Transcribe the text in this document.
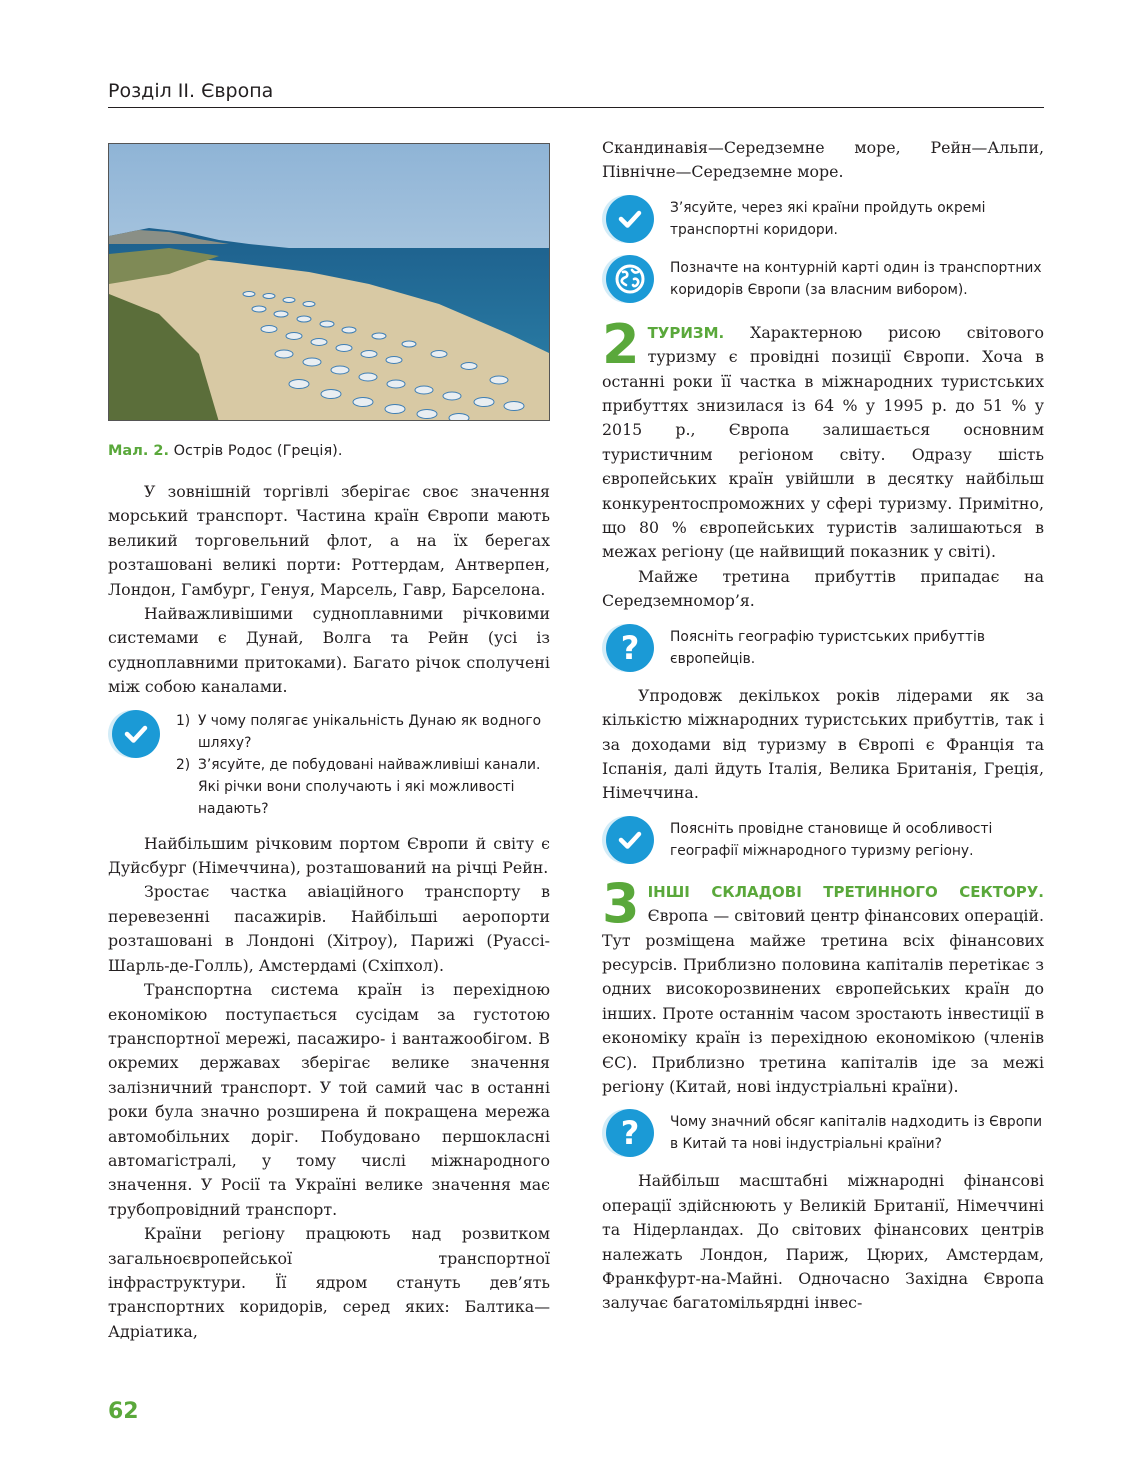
Розділ ІІ. Європа
Мал. 2. Острів Родос (Греція).

У зовнішній торгівлі зберігає своє значення морський транспорт. Частина країн Європи мають великий торговельний флот, а на їх берегах розташовані великі порти: Роттердам, Антверпен, Лондон, Гамбург, Генуя, Марсель, Гавр, Барселона.

Найважливішими судноплавними річковими системами є Дунай, Волга та Рейн (усі із судноплавними притоками). Багато річок сполучені між собою каналами.

1) У чому полягає унікальність Дунаю як водного шляху?
2) З’ясуйте, де побудовані найважливіші канали. Які річки вони сполучають і які можливості надають?

Найбільшим річковим портом Європи й світу є Дуйсбург (Німеччина), розташований на річці Рейн.

Зростає частка авіаційного транспорту в перевезенні пасажирів. Найбільші аеропорти розташовані в Лондоні (Хітроу), Парижі (Руассі-Шарль-де-Голль), Амстердамі (Схіпхол).

Транспортна система країн із перехідною економікою поступається сусідам за густотою транспортної мережі, пасажиро- і вантажообігом. В окремих державах зберігає велике значення залізничний транспорт. У той самий час в останні роки була значно розширена й покращена мережа автомобільних доріг. Побудовано першокласні автомагістралі, у тому числі міжнародного значення. У Росії та Україні велике значення має трубопровідний транспорт.

Країни регіону працюють над розвитком загальноєвропейської транспортної інфраструктури. Її ядром стануть дев’ять транспортних коридорів, серед яких: Балтика—Адріатика,

Скандинавія—Середземне море, Рейн—Альпи, Північне—Середземне море.

З’ясуйте, через які країни пройдуть окремі транспортні коридори.
Позначте на контурній карті один із транспортних коридорів Європи (за власним вибором).
2 ТУРИЗМ. Характерною рисою світового туризму є провідні позиції Європи. Хоча в останні роки її частка в міжнародних туристських прибуттях знизилася із 64 % у 1995 р. до 51 % у 2015 р., Європа залишається основним туристичним регіоном світу. Одразу шість європейських країн увійшли в десятку найбільш конкурентоспроможних у сфері туризму. Примітно, що 80 % європейських туристів залишаються в межах регіону (це найвищий показник у світі).

Майже третина прибуттів припадає на Середземномор’я.

? Поясніть географію туристських прибуттів європейців.

Упродовж декількох років лідерами як за кількістю міжнародних туристських прибуттів, так і за доходами від туризму в Європі є Франція та Іспанія, далі йдуть Італія, Велика Британія, Греція, Німеччина.

Поясніть провідне становище й особливості географії міжнародного туризму регіону.
3 ІНШІ СКЛАДОВІ ТРЕТИННОГО СЕКТОРУ. Європа — світовий центр фінансових операцій. Тут розміщена майже третина всіх фінансових ресурсів. Приблизно половина капіталів перетікає з одних високорозвинених європейських країн до інших. Проте останнім часом зростають інвестиції в економіку країн із перехідною економікою (членів ЄС). Приблизно третина капіталів іде за межі регіону (Китай, нові індустріальні країни).

? Чому значний обсяг капіталів надходить із Європи в Китай та нові індустріальні країни?

Найбільш масштабні міжнародні фінансові операції здійснюють у Великій Британії, Німеччині та Нідерландах. До світових фінансових центрів належать Лондон, Париж, Цюрих, Амстердам, Франкфурт-на-Майні. Одночасно Західна Європа залучає багатомільярдні інвес-

62
